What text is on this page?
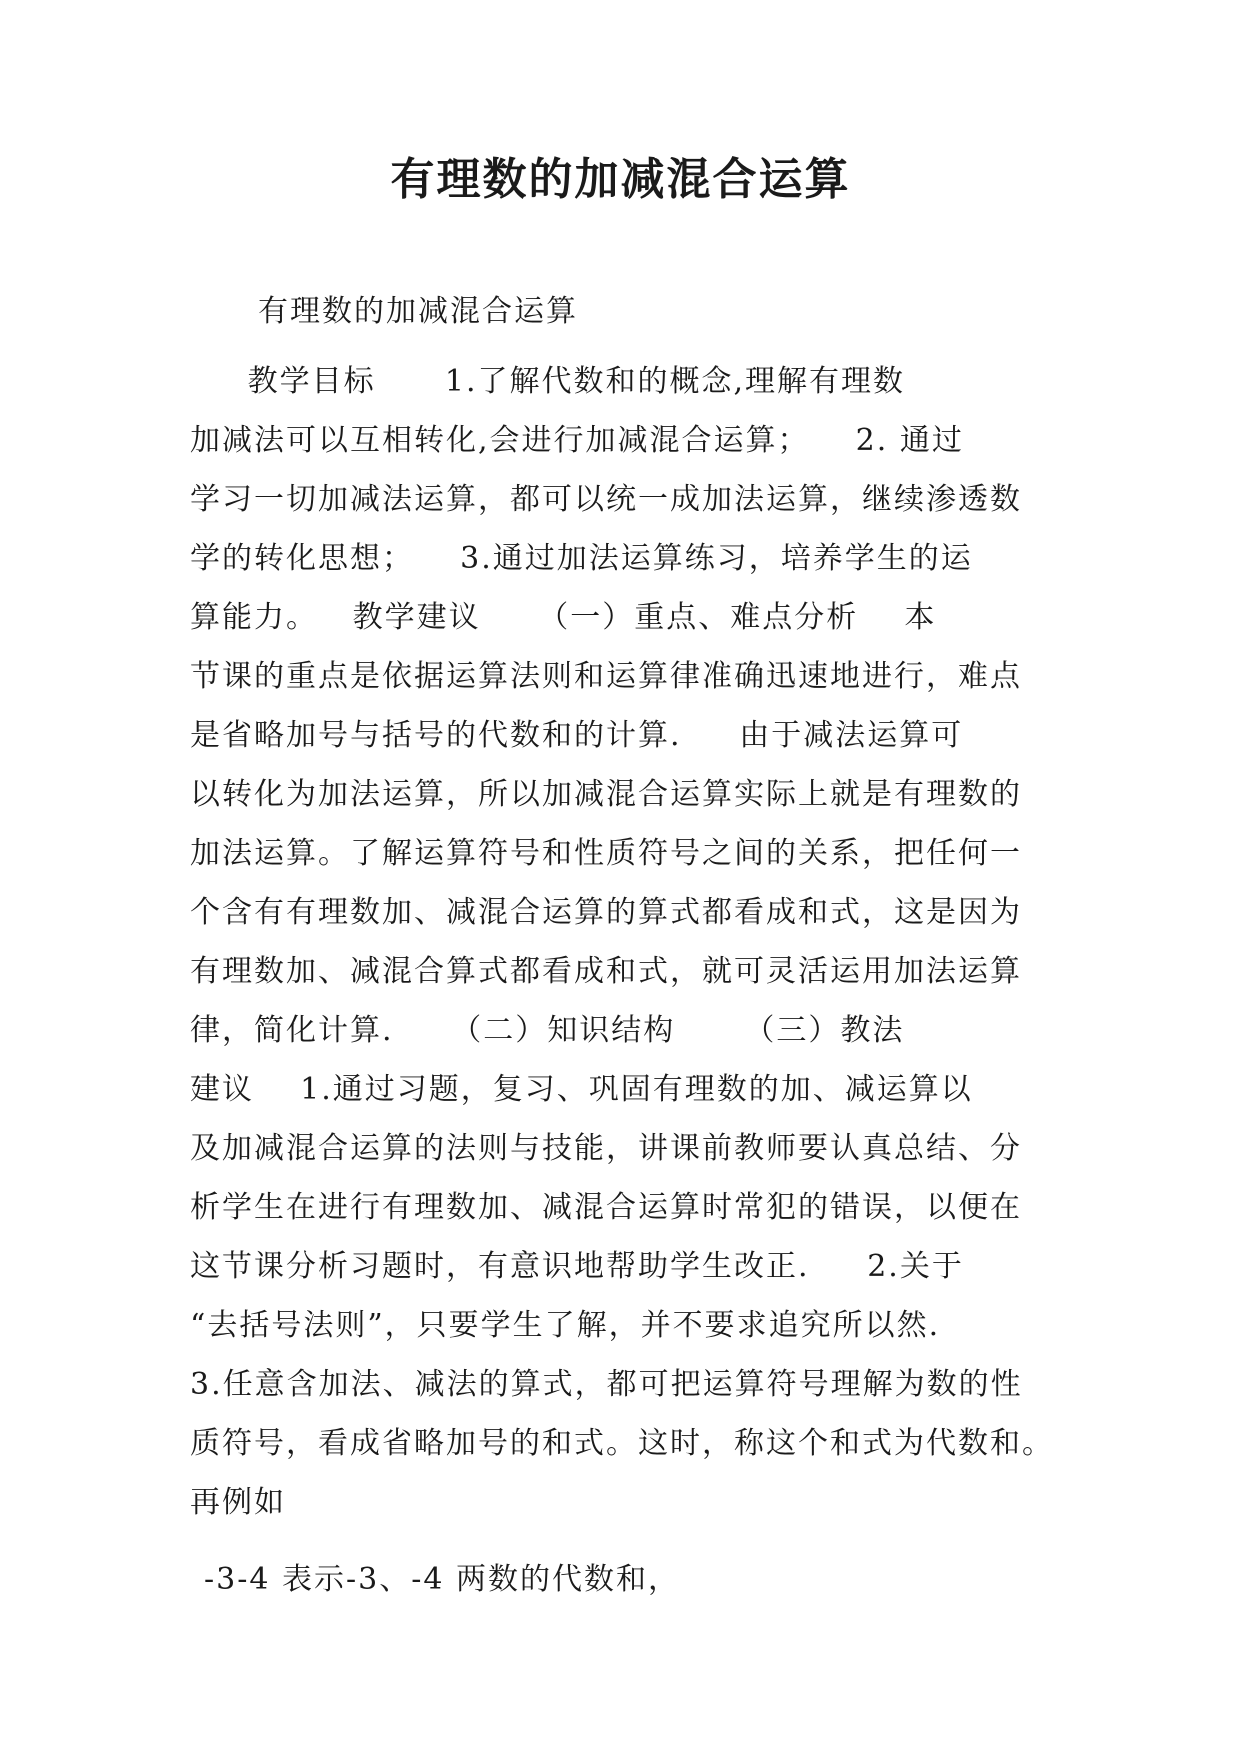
有理数的加减混合运算

有理数的加减混合运算

教学目标      1.了解代数和的概念,理解有理数
加减法可以互相转化,会进行加减混合运算；    2. 通过
学习一切加减法运算，都可以统一成加法运算，继续渗透数
学的转化思想；    3.通过加法运算练习，培养学生的运
算能力。   教学建议     （一）重点、难点分析    本
节课的重点是依据运算法则和运算律准确迅速地进行，难点
是省略加号与括号的代数和的计算.     由于减法运算可
以转化为加法运算，所以加减混合运算实际上就是有理数的
加法运算。了解运算符号和性质符号之间的关系，把任何一
个含有有理数加、减混合运算的算式都看成和式，这是因为
有理数加、减混合算式都看成和式，就可灵活运用加法运算
律，简化计算.     （二）知识结构      （三）教法
建议    1.通过习题，复习、巩固有理数的加、减运算以
及加减混合运算的法则与技能，讲课前教师要认真总结、分
析学生在进行有理数加、减混合运算时常犯的错误，以便在
这节课分析习题时，有意识地帮助学生改正.     2.关于
“去括号法则”，只要学生了解，并不要求追究所以然.
3.任意含加法、减法的算式，都可把运算符号理解为数的性
质符号，看成省略加号的和式。这时，称这个和式为代数和。
再例如

-3-4 表示-3、-4 两数的代数和，
